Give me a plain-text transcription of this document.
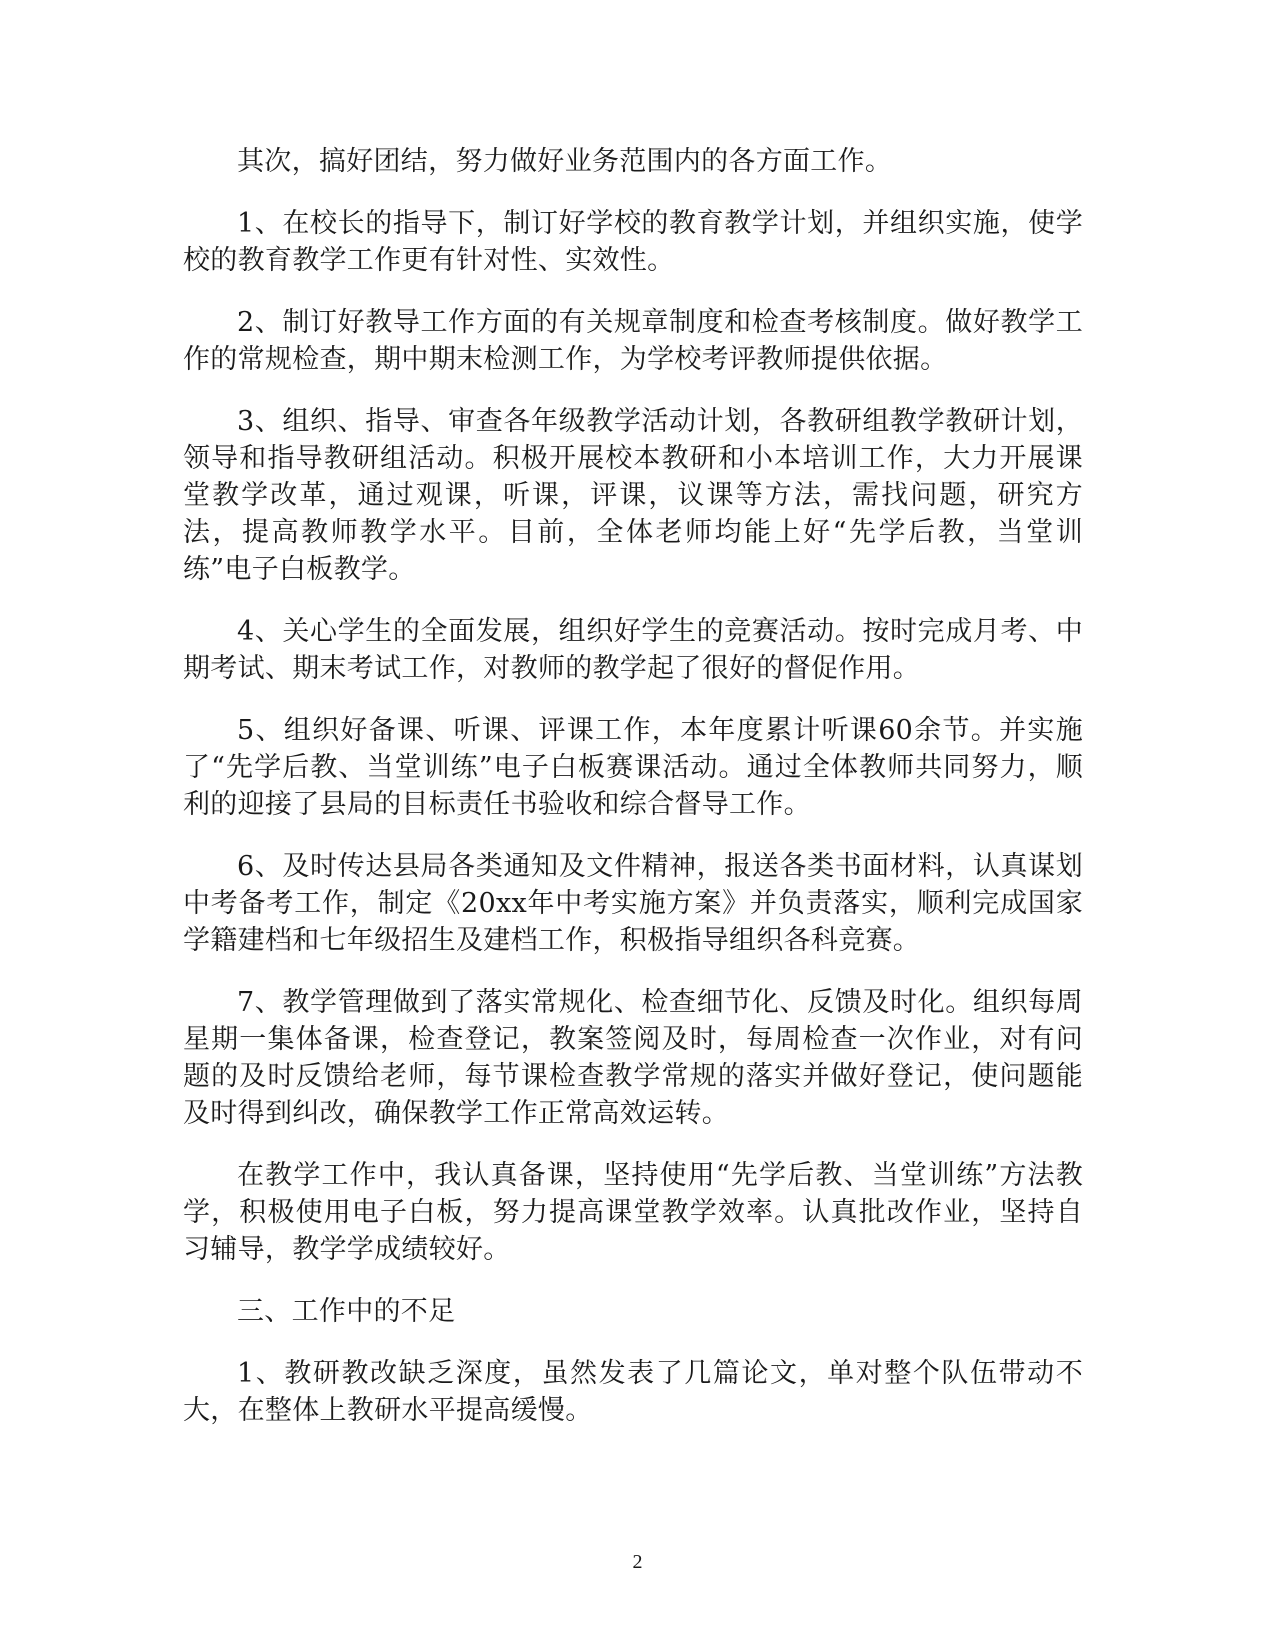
其次，搞好团结，努力做好业务范围内的各方面工作。

1、在校长的指导下，制订好学校的教育教学计划，并组织实施，使学校的教育教学工作更有针对性、实效性。

2、制订好教导工作方面的有关规章制度和检查考核制度。做好教学工作的常规检查，期中期末检测工作，为学校考评教师提供依据。

3、组织、指导、审查各年级教学活动计划，各教研组教学教研计划，领导和指导教研组活动。积极开展校本教研和小本培训工作，大力开展课堂教学改革，通过观课，听课，评课，议课等方法，需找问题，研究方法，提高教师教学水平。目前，全体老师均能上好“先学后教，当堂训练”电子白板教学。

4、关心学生的全面发展，组织好学生的竞赛活动。按时完成月考、中期考试、期末考试工作，对教师的教学起了很好的督促作用。

5、组织好备课、听课、评课工作，本年度累计听课60余节。并实施了“先学后教、当堂训练”电子白板赛课活动。通过全体教师共同努力，顺利的迎接了县局的目标责任书验收和综合督导工作。

6、及时传达县局各类通知及文件精神，报送各类书面材料，认真谋划中考备考工作，制定《20xx年中考实施方案》并负责落实，顺利完成国家学籍建档和七年级招生及建档工作，积极指导组织各科竞赛。

7、教学管理做到了落实常规化、检查细节化、反馈及时化。组织每周星期一集体备课，检查登记，教案签阅及时，每周检查一次作业，对有问题的及时反馈给老师，每节课检查教学常规的落实并做好登记，使问题能及时得到纠改，确保教学工作正常高效运转。

在教学工作中，我认真备课，坚持使用“先学后教、当堂训练”方法教学，积极使用电子白板，努力提高课堂教学效率。认真批改作业，坚持自习辅导，教学学成绩较好。

三、工作中的不足

1、教研教改缺乏深度，虽然发表了几篇论文，单对整个队伍带动不大，在整体上教研水平提高缓慢。

2
